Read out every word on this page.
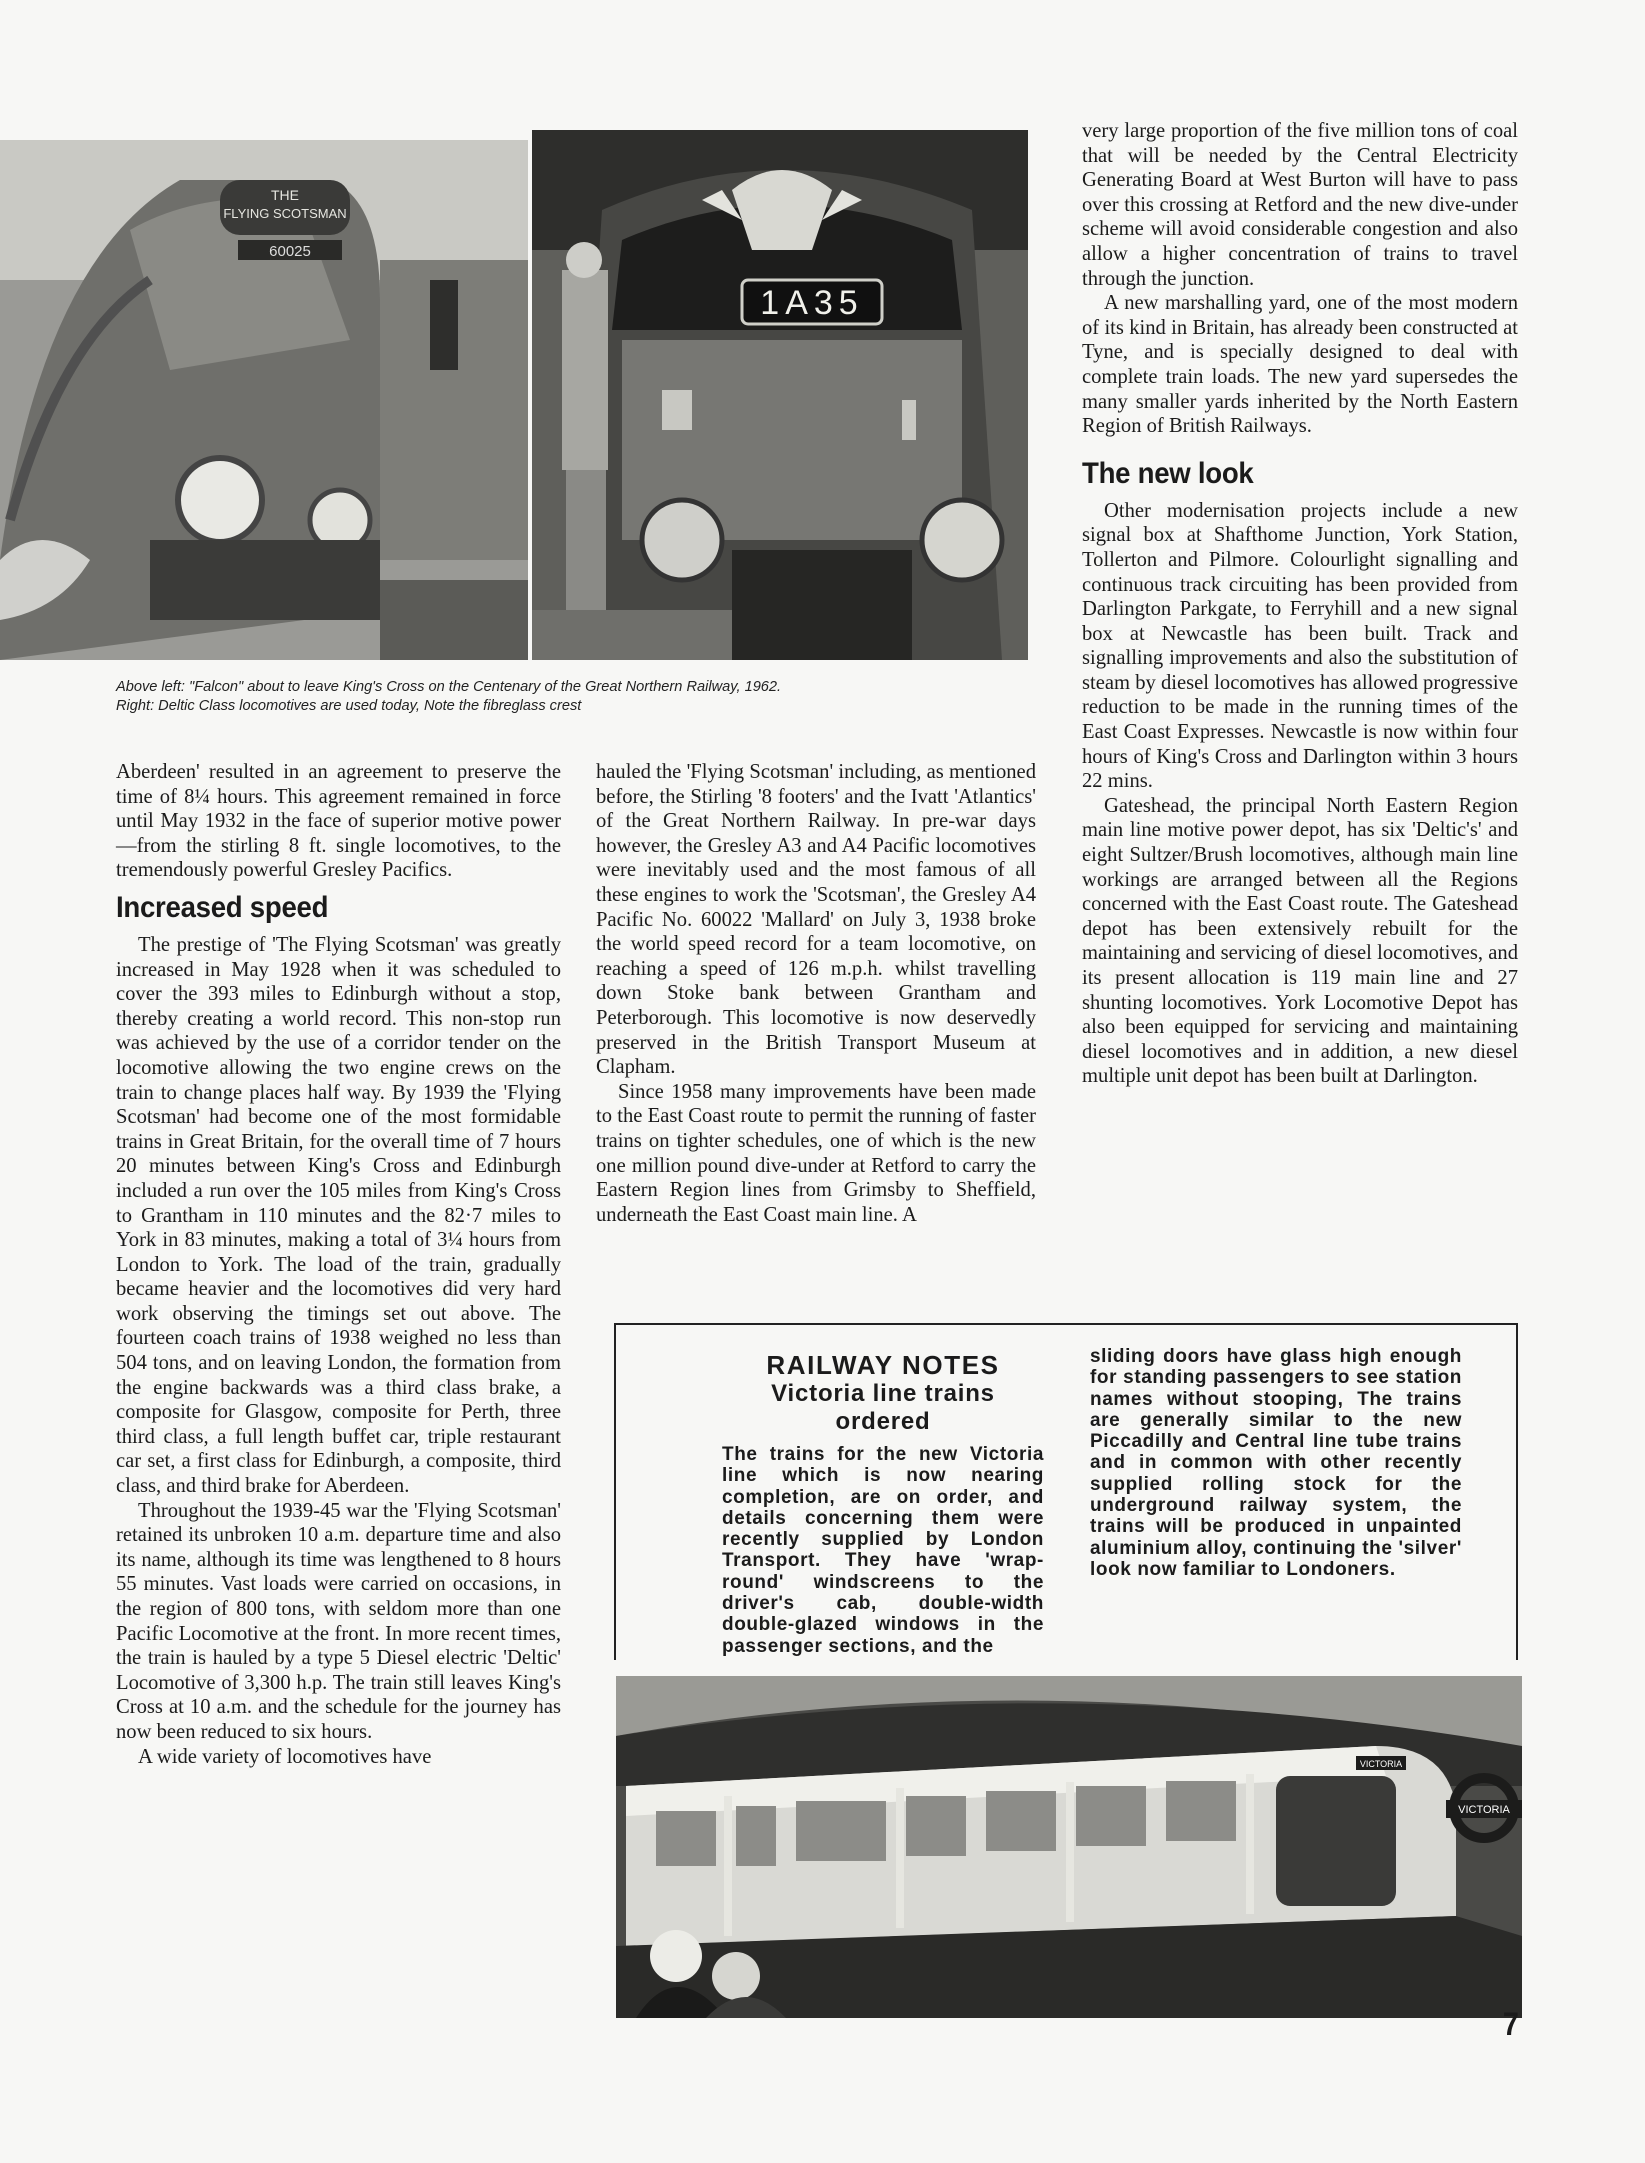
THE
FLYING SCOTSMAN
60025
1A35
Above left: "Falcon" about to leave King's Cross on the Centenary of the Great Northern Railway, 1962.
Right: Deltic Class locomotives are used today, Note the fibreglass crest

Aberdeen' resulted in an agreement to preserve the time of 8¼ hours. This agreement remained in force until May 1932 in the face of superior motive power—from the stirling 8 ft. single locomotives, to the tremendously powerful Gresley Pacifics.

Increased speed

The prestige of 'The Flying Scotsman' was greatly increased in May 1928 when it was scheduled to cover the 393 miles to Edinburgh without a stop, thereby creating a world record. This non-stop run was achieved by the use of a corridor tender on the locomotive allowing the two engine crews on the train to change places half way. By 1939 the 'Flying Scotsman' had become one of the most formidable trains in Great Britain, for the overall time of 7 hours 20 minutes between King's Cross and Edinburgh included a run over the 105 miles from King's Cross to Grantham in 110 minutes and the 82·7 miles to York in 83 minutes, making a total of 3¼ hours from London to York. The load of the train, gradually became heavier and the locomotives did very hard work observing the timings set out above. The fourteen coach trains of 1938 weighed no less than 504 tons, and on leaving London, the formation from the engine backwards was a third class brake, a composite for Glasgow, composite for Perth, three third class, a full length buffet car, triple restaurant car set, a first class for Edinburgh, a composite, third class, and third brake for Aberdeen.

Throughout the 1939-45 war the 'Flying Scotsman' retained its unbroken 10 a.m. departure time and also its name, although its time was lengthened to 8 hours 55 minutes. Vast loads were carried on occasions, in the region of 800 tons, with seldom more than one Pacific Locomotive at the front. In more recent times, the train is hauled by a type 5 Diesel electric 'Deltic' Locomotive of 3,300 h.p. The train still leaves King's Cross at 10 a.m. and the schedule for the journey has now been reduced to six hours.

A wide variety of locomotives have

hauled the 'Flying Scotsman' including, as mentioned before, the Stirling '8 footers' and the Ivatt 'Atlantics' of the Great Northern Railway. In pre-war days however, the Gresley A3 and A4 Pacific locomotives were inevitably used and the most famous of all these engines to work the 'Scotsman', the Gresley A4 Pacific No. 60022 'Mallard' on July 3, 1938 broke the world speed record for a team locomotive, on reaching a speed of 126 m.p.h. whilst travelling down Stoke bank between Grantham and Peterborough. This locomotive is now deservedly preserved in the British Transport Museum at Clapham.

Since 1958 many improvements have been made to the East Coast route to permit the running of faster trains on tighter schedules, one of which is the new one million pound dive-under at Retford to carry the Eastern Region lines from Grimsby to Sheffield, underneath the East Coast main line. A

very large proportion of the five million tons of coal that will be needed by the Central Electricity Generating Board at West Burton will have to pass over this crossing at Retford and the new dive-under scheme will avoid considerable congestion and also allow a higher concentration of trains to travel through the junction.

A new marshalling yard, one of the most modern of its kind in Britain, has already been constructed at Tyne, and is specially designed to deal with complete train loads. The new yard supersedes the many smaller yards inherited by the North Eastern Region of British Railways.

The new look

Other modernisation projects include a new signal box at Shafthome Junction, York Station, Tollerton and Pilmore. Colourlight signalling and continuous track circuiting has been provided from Darlington Parkgate, to Ferryhill and a new signal box at Newcastle has been built. Track and signalling improvements and also the substitution of steam by diesel locomotives has allowed progressive reduction to be made in the running times of the East Coast Expresses. Newcastle is now within four hours of King's Cross and Darlington within 3 hours 22 mins.

Gateshead, the principal North Eastern Region main line motive power depot, has six 'Deltic's' and eight Sultzer/Brush locomotives, although main line workings are arranged between all the Regions concerned with the East Coast route. The Gateshead depot has been extensively rebuilt for the maintaining and servicing of diesel locomotives, and its present allocation is 119 main line and 27 shunting locomotives. York Locomotive Depot has also been equipped for servicing and maintaining diesel locomotives and in addition, a new diesel multiple unit depot has been built at Darlington.

RAILWAY NOTES
Victoria line trains ordered
The trains for the new Victoria line which is now nearing completion, are on order, and details concerning them were recently supplied by London Transport. They have 'wrap-round' windscreens to the driver's cab, double-width double-glazed windows in the passenger sections, and the
sliding doors have glass high enough for standing passengers to see station names without stooping, The trains are generally similar to the new Piccadilly and Central line tube trains and in common with other recently supplied rolling stock for the underground railway system, the trains will be produced in unpainted aluminium alloy, continuing the 'silver' look now familiar to Londoners.
VICTORIA
VICTORIA
7
